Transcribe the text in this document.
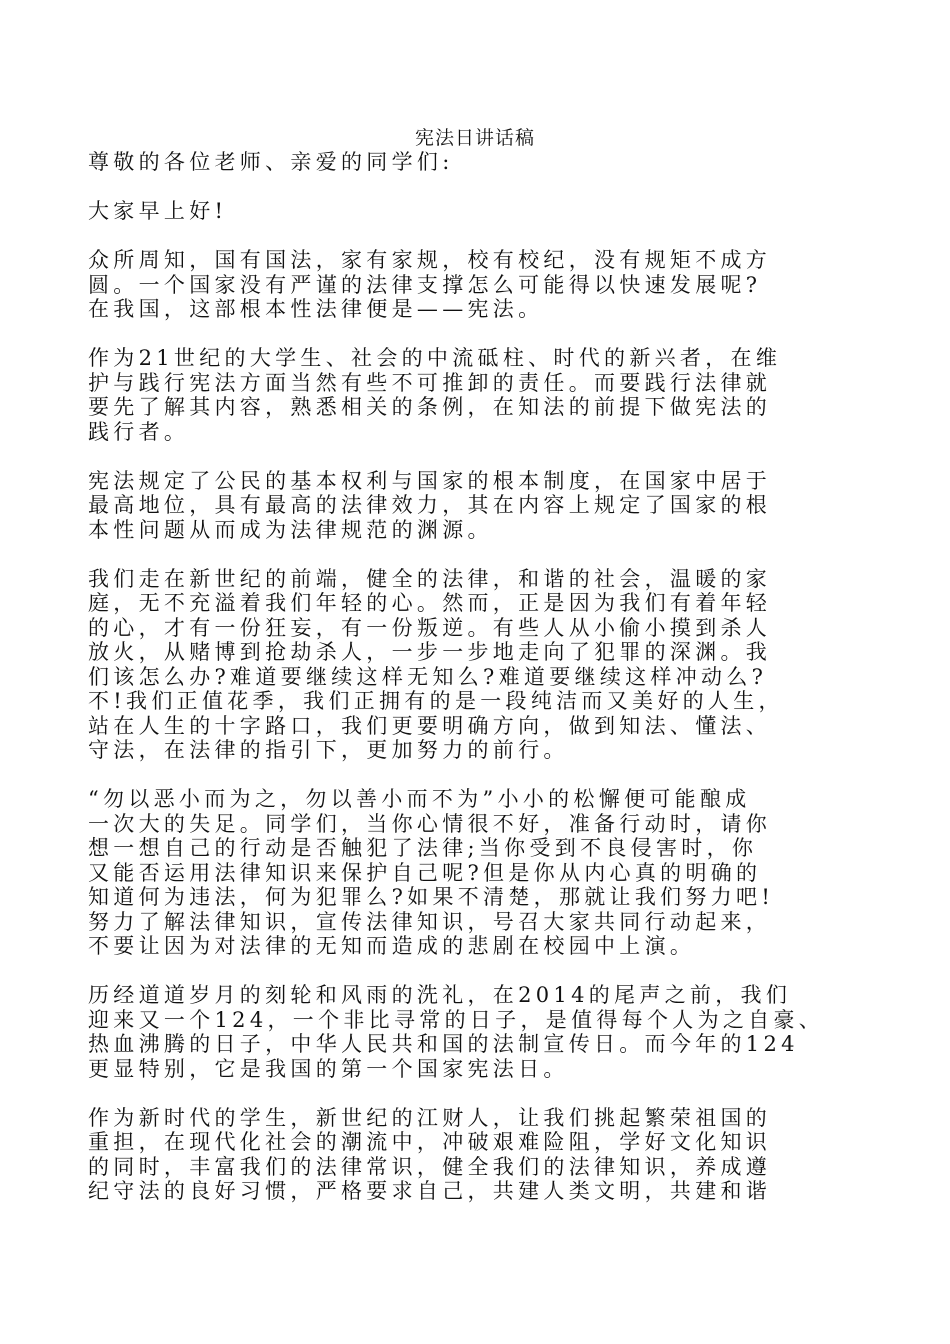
宪法日讲话稿
尊敬的各位老师、亲爱的同学们:
大家早上好!
众所周知，国有国法，家有家规，校有校纪，没有规矩不成方
圆。一个国家没有严谨的法律支撑怎么可能得以快速发展呢?
在我国，这部根本性法律便是——宪法。
作为21世纪的大学生、社会的中流砥柱、时代的新兴者，在维
护与践行宪法方面当然有些不可推卸的责任。而要践行法律就
要先了解其内容，熟悉相关的条例，在知法的前提下做宪法的
践行者。
宪法规定了公民的基本权利与国家的根本制度，在国家中居于
最高地位，具有最高的法律效力，其在内容上规定了国家的根
本性问题从而成为法律规范的渊源。
我们走在新世纪的前端，健全的法律，和谐的社会，温暖的家
庭，无不充溢着我们年轻的心。然而，正是因为我们有着年轻
的心，才有一份狂妄，有一份叛逆。有些人从小偷小摸到杀人
放火，从赌博到抢劫杀人，一步一步地走向了犯罪的深渊。我
们该怎么办?难道要继续这样无知么?难道要继续这样冲动么?
不!我们正值花季，我们正拥有的是一段纯洁而又美好的人生，
站在人生的十字路口，我们更要明确方向，做到知法、懂法、
守法，在法律的指引下，更加努力的前行。
“勿以恶小而为之，勿以善小而不为”小小的松懈便可能酿成
一次大的失足。同学们，当你心情很不好，准备行动时，请你
想一想自己的行动是否触犯了法律;当你受到不良侵害时，你
又能否运用法律知识来保护自己呢?但是你从内心真的明确的
知道何为违法，何为犯罪么?如果不清楚，那就让我们努力吧!
努力了解法律知识，宣传法律知识，号召大家共同行动起来，
不要让因为对法律的无知而造成的悲剧在校园中上演。
历经道道岁月的刻轮和风雨的洗礼，在2014的尾声之前，我们
迎来又一个124，一个非比寻常的日子，是值得每个人为之自豪、
热血沸腾的日子，中华人民共和国的法制宣传日。而今年的124
更显特别，它是我国的第一个国家宪法日。
作为新时代的学生，新世纪的江财人，让我们挑起繁荣祖国的
重担，在现代化社会的潮流中，冲破艰难险阻，学好文化知识
的同时，丰富我们的法律常识，健全我们的法律知识，养成遵
纪守法的良好习惯，严格要求自己，共建人类文明，共建和谐
